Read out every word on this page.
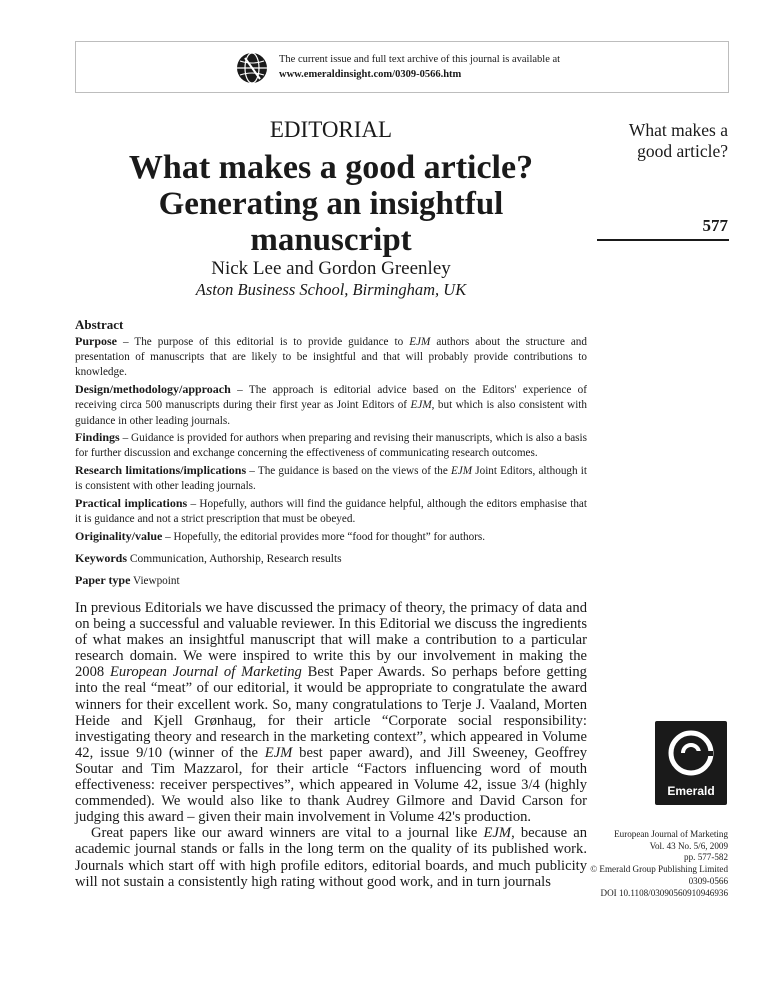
The current issue and full text archive of this journal is available at
www.emeraldinsight.com/0309-0566.htm
EDITORIAL
What makes a good article?
Generating an insightful
manuscript
Nick Lee and Gordon Greenley
Aston Business School, Birmingham, UK
What makes a
good article?
577
Abstract

Purpose – The purpose of this editorial is to provide guidance to EJM authors about the structure and presentation of manuscripts that are likely to be insightful and that will probably provide contributions to knowledge.

Design/methodology/approach – The approach is editorial advice based on the Editors' experience of receiving circa 500 manuscripts during their first year as Joint Editors of EJM, but which is also consistent with guidance in other leading journals.

Findings – Guidance is provided for authors when preparing and revising their manuscripts, which is also a basis for further discussion and exchange concerning the effectiveness of communicating research outcomes.

Research limitations/implications – The guidance is based on the views of the EJM Joint Editors, although it is consistent with other leading journals.

Practical implications – Hopefully, authors will find the guidance helpful, although the editors emphasise that it is guidance and not a strict prescription that must be obeyed.

Originality/value – Hopefully, the editorial provides more “food for thought” for authors.

Keywords Communication, Authorship, Research results

Paper type Viewpoint

In previous Editorials we have discussed the primacy of theory, the primacy of data and on being a successful and valuable reviewer. In this Editorial we discuss the ingredients of what makes an insightful manuscript that will make a contribution to a particular research domain. We were inspired to write this by our involvement in making the 2008 European Journal of Marketing Best Paper Awards. So perhaps before getting into the real “meat” of our editorial, it would be appropriate to congratulate the award winners for their excellent work. So, many congratulations to Terje J. Vaaland, Morten Heide and Kjell Grønhaug, for their article “Corporate social responsibility: investigating theory and research in the marketing context”, which appeared in Volume 42, issue 9/10 (winner of the EJM best paper award), and Jill Sweeney, Geoffrey Soutar and Tim Mazzarol, for their article “Factors influencing word of mouth effectiveness: receiver perspectives”, which appeared in Volume 42, issue 3/4 (highly commended). We would also like to thank Audrey Gilmore and David Carson for judging this award – given their main involvement in Volume 42's production.

Great papers like our award winners are vital to a journal like EJM, because an academic journal stands or falls in the long term on the quality of its published work. Journals which start off with high profile editors, editorial boards, and much publicity will not sustain a consistently high rating without good work, and in turn journals

Emerald
European Journal of Marketing
Vol. 43 No. 5/6, 2009
pp. 577-582
© Emerald Group Publishing Limited
0309-0566
DOI 10.1108/03090560910946936
